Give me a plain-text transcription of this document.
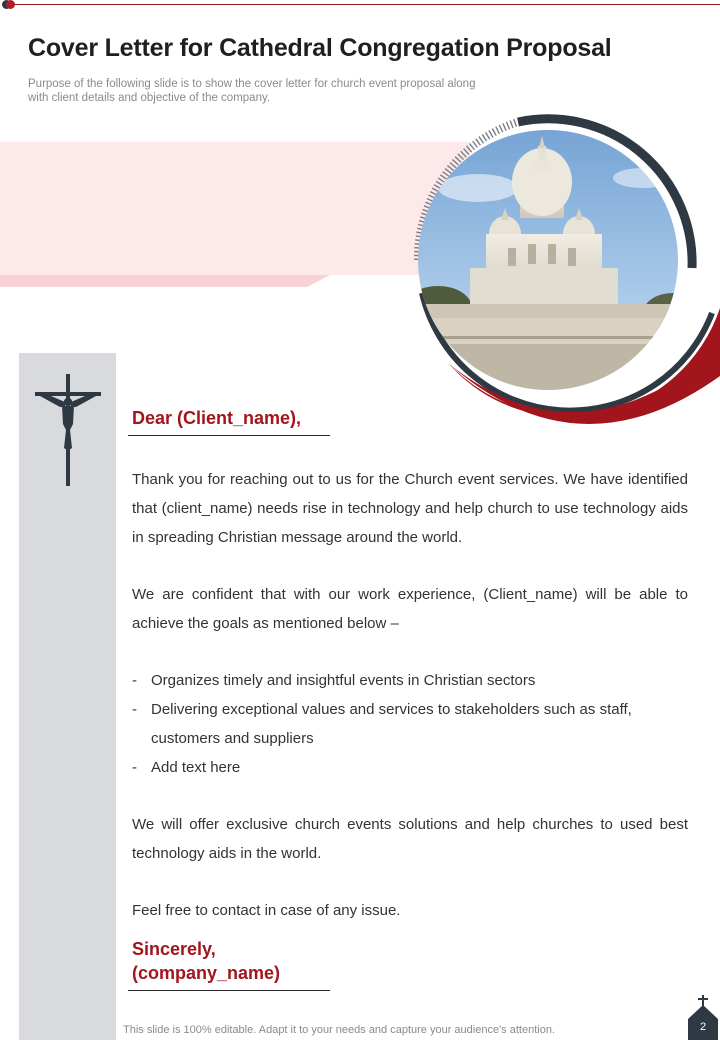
Cover Letter for Cathedral Congregation Proposal

Purpose of the following slide is to show the cover letter for church event proposal along with client details and objective of the company.

Dear (Client_name),

Thank you for reaching out to us for the Church event services. We have identified that (client_name) needs rise in technology and help church to use technology aids in spreading Christian message around the world.

We are confident that with our work experience, (Client_name) will be able to achieve the goals as mentioned below –

- Organizes timely and insightful events in Christian sectors
- Delivering exceptional values and services to stakeholders such as staff, customers and suppliers
- Add text here

We will offer exclusive church events solutions and help churches to used best technology aids in the world.

Feel free to contact in case of any issue.

Sincerely,
(company_name)

This slide is 100% editable. Adapt it to your needs and capture your audience's attention.	2
